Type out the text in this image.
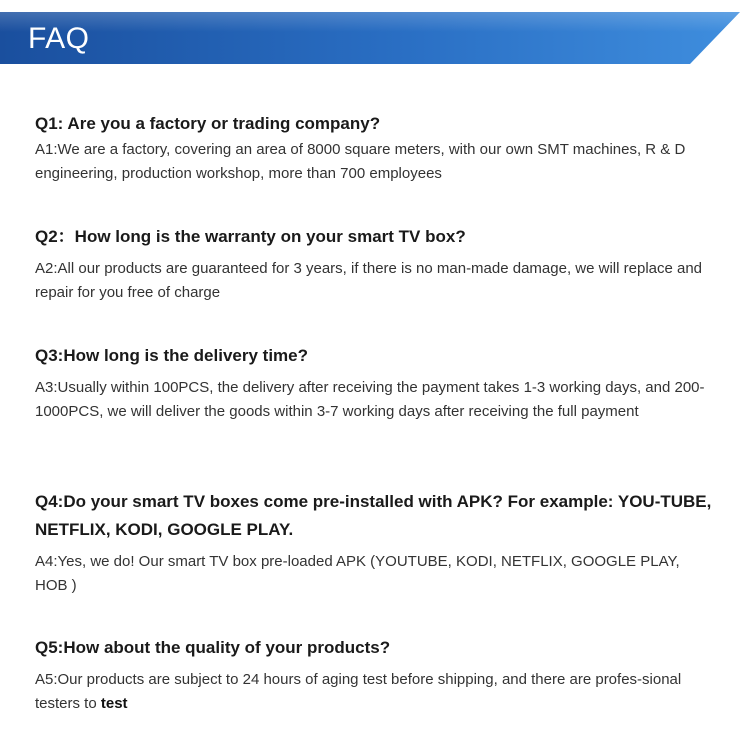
FAQ

Q1: Are you a factory or trading company?

A1:We are a factory, covering an area of 8000 square meters, with our own SMT machines, R & D engineering, production workshop, more than 700 employees

Q2：How long is the warranty on your smart TV box?

A2:All our products are guaranteed for 3 years, if there is no man-made damage, we will replace and repair for you free of charge

Q3:How long is the delivery time?

A3:Usually within 100PCS, the delivery after receiving the payment takes 1-3 working days, and 200-1000PCS, we will deliver the goods within 3-7 working days after receiving the full payment

Q4:Do your smart TV boxes come pre-installed with APK? For example: YOU-TUBE, NETFLIX, KODI, GOOGLE PLAY.

A4:Yes, we do! Our smart TV box pre-loaded APK (YOUTUBE, KODI, NETFLIX, GOOGLE PLAY, HOB )

Q5:How about the quality of your products?

A5:Our products are subject to 24 hours of aging test before shipping, and there are profes-sional testers to test
